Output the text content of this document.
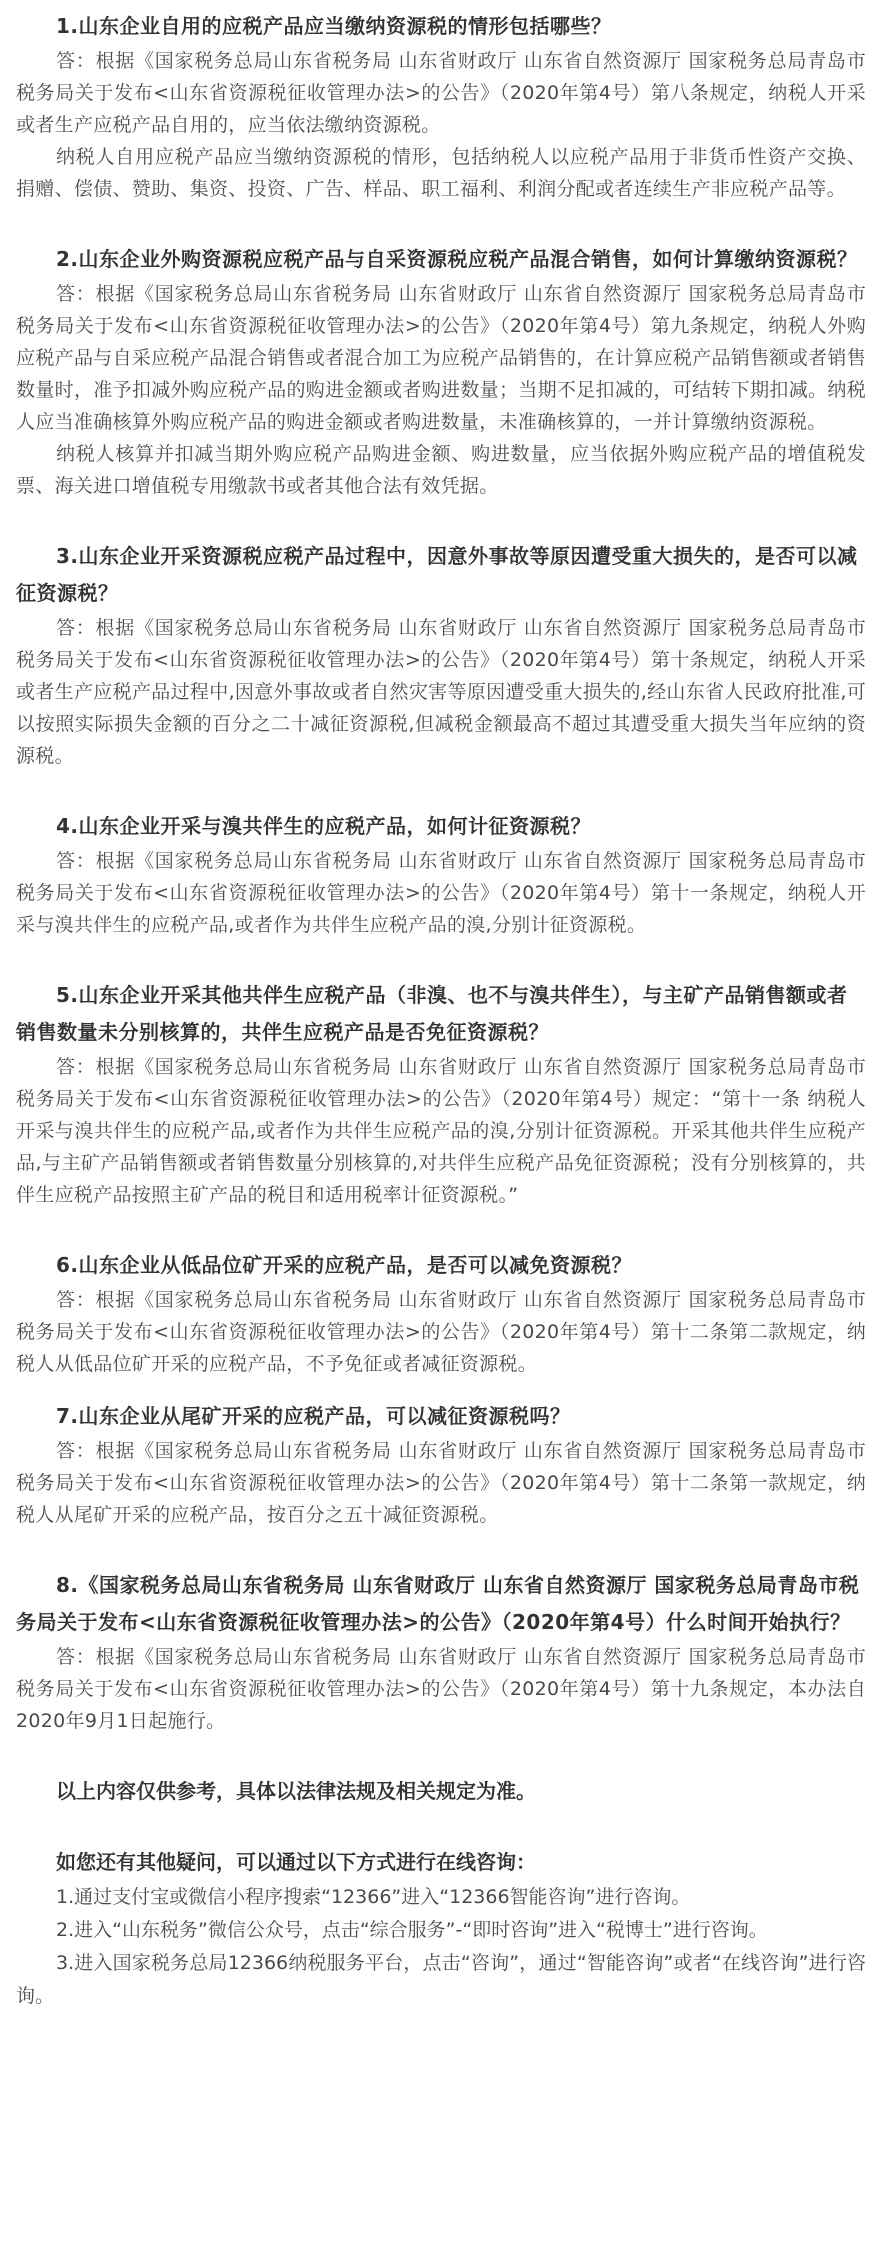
1.山东企业自用的应税产品应当缴纳资源税的情形包括哪些？

答：根据《国家税务总局山东省税务局 山东省财政厅 山东省自然资源厅 国家税务总局青岛市税务局关于发布<山东省资源税征收管理办法>的公告》（2020年第4号）第八条规定，纳税人开采或者生产应税产品自用的，应当依法缴纳资源税。

纳税人自用应税产品应当缴纳资源税的情形，包括纳税人以应税产品用于非货币性资产交换、捐赠、偿债、赞助、集资、投资、广告、样品、职工福利、利润分配或者连续生产非应税产品等。

2.山东企业外购资源税应税产品与自采资源税应税产品混合销售，如何计算缴纳资源税？

答：根据《国家税务总局山东省税务局 山东省财政厅 山东省自然资源厅 国家税务总局青岛市税务局关于发布<山东省资源税征收管理办法>的公告》（2020年第4号）第九条规定，纳税人外购应税产品与自采应税产品混合销售或者混合加工为应税产品销售的，在计算应税产品销售额或者销售数量时，准予扣减外购应税产品的购进金额或者购进数量；当期不足扣减的，可结转下期扣减。纳税人应当准确核算外购应税产品的购进金额或者购进数量，未准确核算的，一并计算缴纳资源税。

纳税人核算并扣减当期外购应税产品购进金额、购进数量，应当依据外购应税产品的增值税发票、海关进口增值税专用缴款书或者其他合法有效凭据。

3.山东企业开采资源税应税产品过程中，因意外事故等原因遭受重大损失的，是否可以减征资源税？

答：根据《国家税务总局山东省税务局 山东省财政厅 山东省自然资源厅 国家税务总局青岛市税务局关于发布<山东省资源税征收管理办法>的公告》（2020年第4号）第十条规定，纳税人开采或者生产应税产品过程中,因意外事故或者自然灾害等原因遭受重大损失的,经山东省人民政府批准,可以按照实际损失金额的百分之二十减征资源税,但减税金额最高不超过其遭受重大损失当年应纳的资源税。

4.山东企业开采与溴共伴生的应税产品，如何计征资源税？

答：根据《国家税务总局山东省税务局 山东省财政厅 山东省自然资源厅 国家税务总局青岛市税务局关于发布<山东省资源税征收管理办法>的公告》（2020年第4号）第十一条规定，纳税人开采与溴共伴生的应税产品,或者作为共伴生应税产品的溴,分别计征资源税。

5.山东企业开采其他共伴生应税产品（非溴、也不与溴共伴生），与主矿产品销售额或者销售数量未分别核算的，共伴生应税产品是否免征资源税？

答：根据《国家税务总局山东省税务局 山东省财政厅 山东省自然资源厅 国家税务总局青岛市税务局关于发布<山东省资源税征收管理办法>的公告》（2020年第4号）规定：“第十一条 纳税人开采与溴共伴生的应税产品,或者作为共伴生应税产品的溴,分别计征资源税。开采其他共伴生应税产品,与主矿产品销售额或者销售数量分别核算的,对共伴生应税产品免征资源税；没有分别核算的，共伴生应税产品按照主矿产品的税目和适用税率计征资源税。”

6.山东企业从低品位矿开采的应税产品，是否可以减免资源税？

答：根据《国家税务总局山东省税务局 山东省财政厅 山东省自然资源厅 国家税务总局青岛市税务局关于发布<山东省资源税征收管理办法>的公告》（2020年第4号）第十二条第二款规定，纳税人从低品位矿开采的应税产品，不予免征或者减征资源税。

7.山东企业从尾矿开采的应税产品，可以减征资源税吗？

答：根据《国家税务总局山东省税务局 山东省财政厅 山东省自然资源厅 国家税务总局青岛市税务局关于发布<山东省资源税征收管理办法>的公告》（2020年第4号）第十二条第一款规定，纳税人从尾矿开采的应税产品，按百分之五十减征资源税。

8.《国家税务总局山东省税务局 山东省财政厅 山东省自然资源厅 国家税务总局青岛市税务局关于发布<山东省资源税征收管理办法>的公告》（2020年第4号）什么时间开始执行？

答：根据《国家税务总局山东省税务局 山东省财政厅 山东省自然资源厅 国家税务总局青岛市税务局关于发布<山东省资源税征收管理办法>的公告》（2020年第4号）第十九条规定，本办法自2020年9月1日起施行。

以上内容仅供参考，具体以法律法规及相关规定为准。

如您还有其他疑问，可以通过以下方式进行在线咨询：

1.通过支付宝或微信小程序搜索“12366”进入“12366智能咨询”进行咨询。

2.进入“山东税务”微信公众号，点击“综合服务”-“即时咨询”进入“税博士”进行咨询。

3.进入国家税务总局12366纳税服务平台，点击“咨询”，通过“智能咨询”或者“在线咨询”进行咨询。
